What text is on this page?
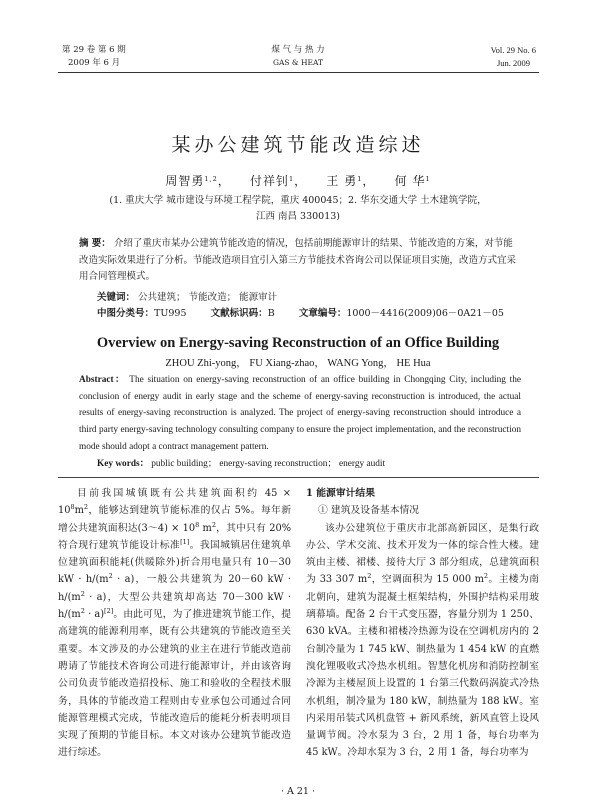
第 29 卷 第 6 期
2009 年 6 月
煤 气 与 热 力
GAS & HEAT
Vol. 29 No. 6
Jun. 2009
某办公建筑节能改造综述
周智勇$^{1,2}$，    付祥钊$^1$，    王 勇$^1$，    何 华$^1$
(1. 重庆大学 城市建设与环境工程学院，重庆 400045；2. 华东交通大学 土木建筑学院，
江西 南昌 330013)
摘 要： 介绍了重庆市某办公建筑节能改造的情况，包括前期能源审计的结果、节能改造的方案，对节能改造实际效果进行了分析。节能改造项目宜引入第三方节能技术咨询公司以保证项目实施，改造方式宜采用合同管理模式。
关键词： 公共建筑； 节能改造； 能源审计
中图分类号：TU995	文献标识码：B	文章编号：1000－4416(2009)06－0A21－05
Overview on Energy-saving Reconstruction of an Office Building
ZHOU Zhi-yong， FU Xiang-zhao， WANG Yong， HE Hua
Abstract： The situation on energy-saving reconstruction of an office building in Chongqing City, including the conclusion of energy audit in early stage and the scheme of energy-saving reconstruction is introduced, the actual results of energy-saving reconstruction is analyzed. The project of energy-saving reconstruction should introduce a third party energy-saving technology consulting company to ensure the project implementation, and the reconstruction mode should adopt a contract management pattern.
Key words： public building； energy-saving reconstruction； energy audit

目前我国城镇既有公共建筑面积约 $45 \times 10^8m^2$，能够达到建筑节能标准的仅占 5%。每年新增公共建筑面积达(3～4) × $10^8$ $m^2$，其中只有 20% 符合现行建筑节能设计标准[1]。我国城镇居住建筑单位建筑面积能耗(供暖除外)折合用电量只有 10－30 kW · $h/(m^2 \cdot a)$，一般公共建筑为 20－60 kW · $h/(m^2 \cdot a)$，大型公共建筑却高达 70－300 kW · $h/(m^2 \cdot a)[2]$。由此可见，为了推进建筑节能工作，提高建筑的能源利用率，既有公共建筑的节能改造至关重要。本文涉及的办公建筑的业主在进行节能改造前聘请了节能技术咨询公司进行能源审计，并由该咨询公司负责节能改造招投标、施工和验收的全程技术服务，具体的节能改造工程则由专业承包公司通过合同能源管理模式完成，节能改造后的能耗分析表明项目实现了预期的节能目标。本文对该办公建筑节能改造进行综述。

1 能源审计结果

① 建筑及设备基本情况

该办公建筑位于重庆市北部高新园区，是集行政办公、学术交流、技术开发为一体的综合性大楼。建筑由主楼、裙楼、接待大厅 3 部分组成，总建筑面积为 33 307 $m^2$，空调面积为 15 000 $m^2$。主楼为南北朝向，建筑为混凝土框架结构，外围护结构采用玻璃幕墙。配备 2 台干式变压器，容量分别为 1 250、630 kVA。主楼和裙楼冷热源为设在空调机房内的 2 台制冷量为 1 745 kW、制热量为 1 454 kW 的直燃溴化锂吸收式冷热水机组。智慧化机房和消防控制室冷源为主楼屋顶上设置的 1 台第三代数码涡旋式冷热水机组，制冷量为 180 kW，制热量为 188 kW。室内采用吊装式风机盘管 + 新风系统，新风直管上设风量调节阀。冷水泵为 3 台，2 用 1 备，每台功率为 45 kW。冷却水泵为 3 台，2 用 1 备，每台功率为

· A 21 ·
